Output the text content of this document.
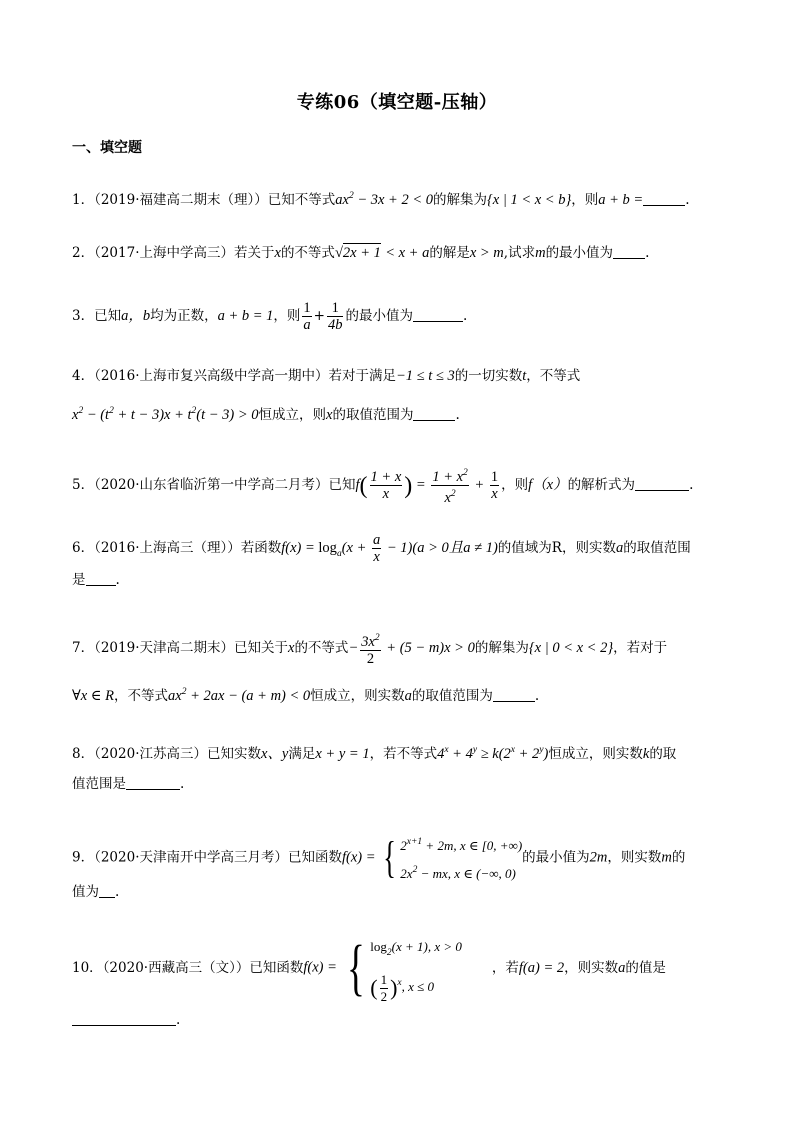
专练06（填空题-压轴）
一、填空题
1．（2019·福建高二期末（理））已知不等式$ax^2 - 3x + 2 < 0$的解集为{x | 1 < x < b}，则a + b =	.
2．（2017·上海中学高三）若关于x的不等式√2x + 1 < x + a的解是x > m,试求m的最小值为 .
3．已知a，b均为正数，a + b = 1，则 $\frac{1}{a} + \frac{1}{4b}$ 的最小值为	.
4．（2016·上海市复兴高级中学高一期中）若对于满足−1 ≤ t ≤ 3的一切实数t，不等式
$x^2 - (t^2 + t - 3)x + t^2(t - 3) > 0$恒成立，则x的取值范围为	.
5．（2020·山东省临沂第一中学高二月考）已知$f( \frac{1 + x}{x}$ ) = $\frac{1 + x^2}{x^2} + \frac{1}{x}$ ，则f（x）的解析式为	.
6．（2016·上海高三（理））若函数$f(x) = \log_a(x + \frac{a}{x} - 1)(a > 0$且a ≠ 1)的值域为R，则实数a的取值范围
是 .
7．（2019·天津高二期末）已知关于x的不等式− $\frac{3x^2}{2} + (5 - m)x > 0$的解集为{x | 0 < x < 2}，若对于
∀x ∈ R，不等式$ax^2 + 2ax - (a + m) < 0$恒成立，则实数a的取值范围为	.
8．（2020·江苏高三）已知实数x、y满足x + y = 1，若不等式$4^x + 4^y \ge k(2^x + 2^y)$恒成立，则实数k的取
值范围是	.
9．（2020·天津南开中学高三月考）已知函数f(x) = { $2^{x+1} + 2m$, x ∈ [0, +∞)
$2x^2$ − mx, x ∈ (−∞, 0)
的最小值为2m，则实数m的
值为 .
10．（2020·西藏高三（文））已知函数f(x) = { $\log_2(x + 1)$, x > 0
( $\frac{1}{2} )^x$, x ≤ 0
，若f(a) = 2，则实数a的值是
.
